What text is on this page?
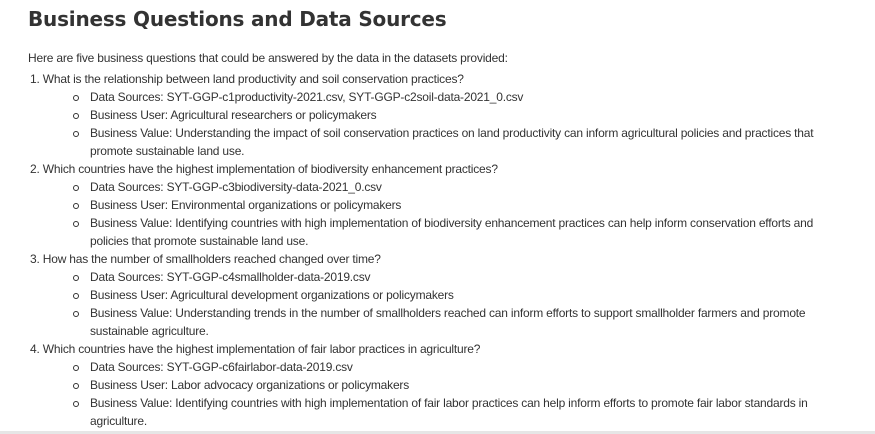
Business Questions and Data Sources

Here are five business questions that could be answered by the data in the datasets provided:

1. What is the relationship between land productivity and soil conservation practices?
Data Sources: SYT-GGP-c1productivity-2021.csv, SYT-GGP-c2soil-data-2021_0.csv
Business User: Agricultural researchers or policymakers
Business Value: Understanding the impact of soil conservation practices on land productivity can inform agricultural policies and practices that promote sustainable land use.
2. Which countries have the highest implementation of biodiversity enhancement practices?
Data Sources: SYT-GGP-c3biodiversity-data-2021_0.csv
Business User: Environmental organizations or policymakers
Business Value: Identifying countries with high implementation of biodiversity enhancement practices can help inform conservation efforts and policies that promote sustainable land use.
3. How has the number of smallholders reached changed over time?
Data Sources: SYT-GGP-c4smallholder-data-2019.csv
Business User: Agricultural development organizations or policymakers
Business Value: Understanding trends in the number of smallholders reached can inform efforts to support smallholder farmers and promote sustainable agriculture.
4. Which countries have the highest implementation of fair labor practices in agriculture?
Data Sources: SYT-GGP-c6fairlabor-data-2019.csv
Business User: Labor advocacy organizations or policymakers
Business Value: Identifying countries with high implementation of fair labor practices can help inform efforts to promote fair labor standards in agriculture.
